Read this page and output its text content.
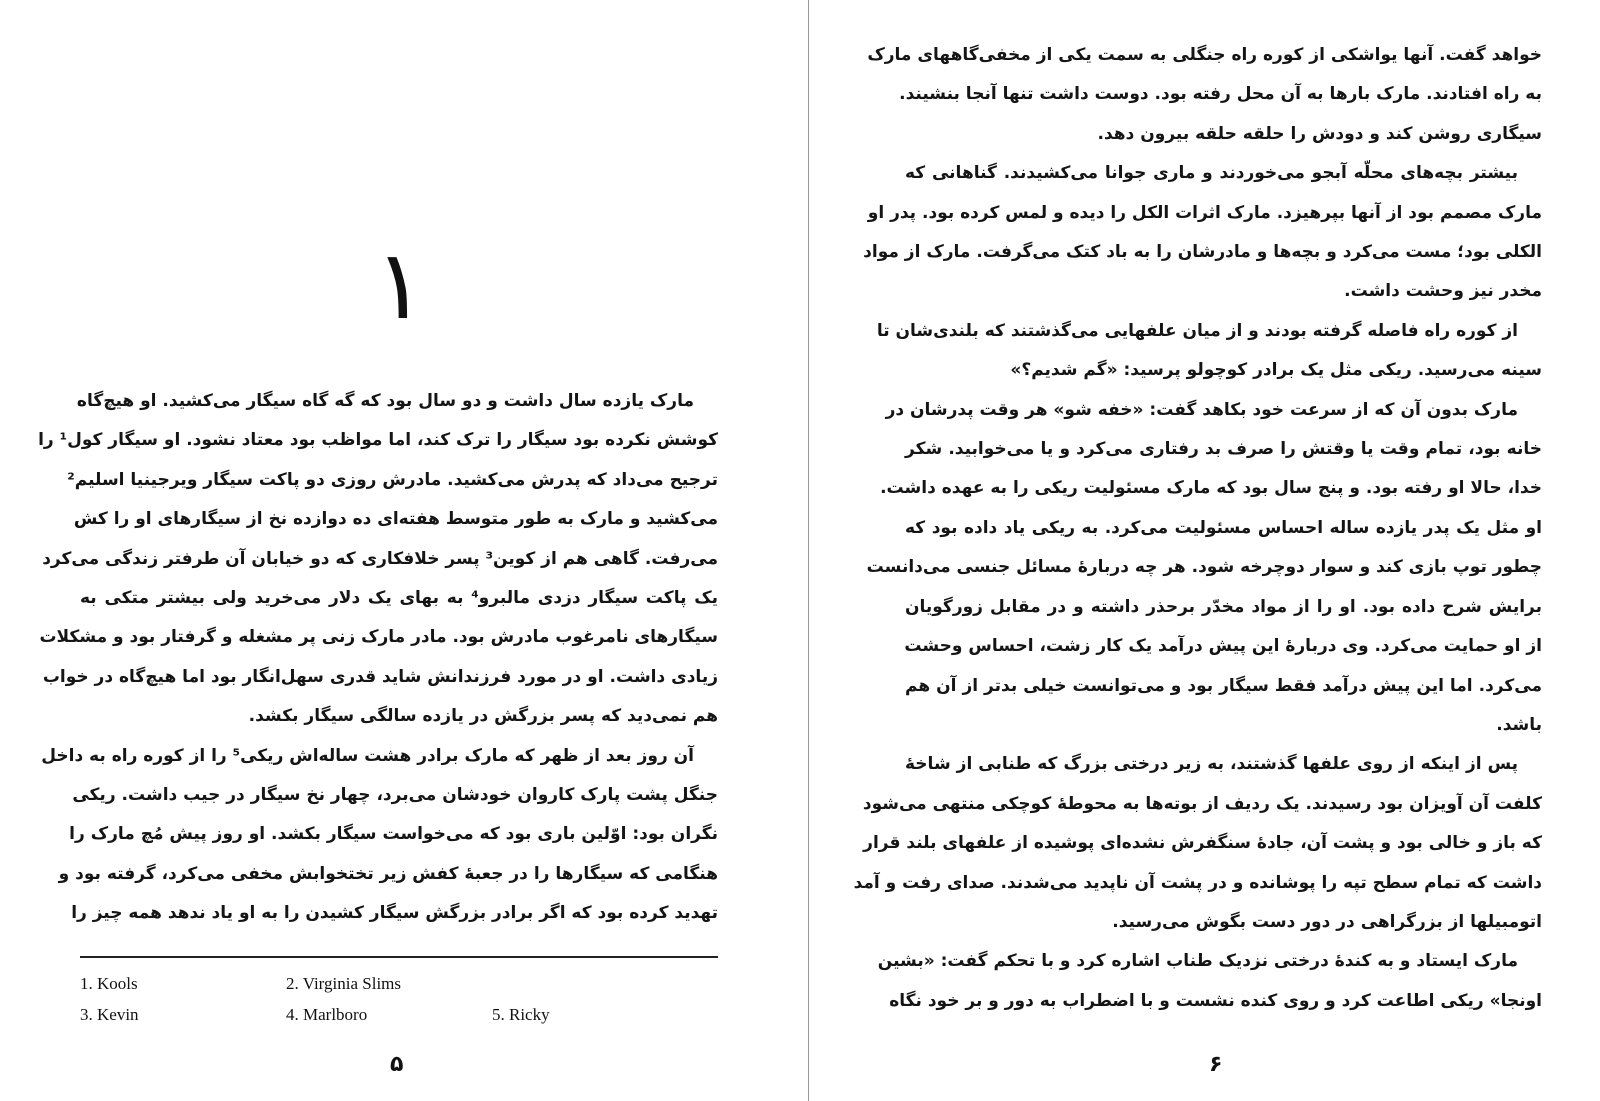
۱
مارک یازده سال داشت و دو سال بود که گه گاه سیگار می‌کشید. او هیچ‌گاه
کوشش نکرده بود سیگار را ترک کند، اما مواظب بود معتاد نشود. او سیگار کول¹ را
ترجیح می‌داد که پدرش می‌کشید. مادرش روزی دو پاکت سیگار ویرجینیا اسلیم²
می‌کشید و مارک به طور متوسط هفته‌ای ده دوازده نخ از سیگارهای او را کش
می‌رفت. گاهی هم از کوین³ پسر خلافکاری که دو خیابان آن طرفتر زندگی می‌کرد
یک پاکت سیگار دزدی مالبرو⁴ به بهای یک دلار می‌خرید ولی بیشتر متکی به
سیگارهای نامرغوب مادرش بود. مادر مارک زنی پر مشغله و گرفتار بود و مشکلات
زیادی داشت. او در مورد فرزندانش شاید قدری سهل‌انگار بود اما هیچ‌گاه در خواب
هم نمی‌دید که پسر بزرگش در یازده سالگی سیگار بکشد.
آن روز بعد از ظهر که مارک برادر هشت ساله‌اش ریکی⁵ را از کوره راه به داخل
جنگل پشت پارک کاروان خودشان می‌برد، چهار نخ سیگار در جیب داشت. ریکی
نگران بود: اوّلین باری بود که می‌خواست سیگار بکشد. او روز پیش مُچ مارک را
هنگامی که سیگارها را در جعبهٔ کفش زیر تختخوابش مخفی می‌کرد، گرفته بود و
تهدید کرده بود که اگر برادر بزرگش سیگار کشیدن را به او یاد ندهد همه چیز را
1. Kools	2. Virginia Slims
3. Kevin	4. Marlboro	5. Ricky
۵
خواهد گفت. آنها یواشکی از کوره راه جنگلی به سمت یکی از مخفی‌گاههای مارک
به راه افتادند. مارک بارها به آن محل رفته بود. دوست داشت تنها آنجا بنشیند.
سیگاری روشن کند و دودش را حلقه حلقه بیرون دهد.
بیشتر بچه‌های محلّه آبجو می‌خوردند و ماری جوانا می‌کشیدند. گناهانی که
مارک مصمم بود از آنها بپرهیزد. مارک اثرات الکل را دیده و لمس کرده بود. پدر او
الکلی بود؛ مست می‌کرد و بچه‌ها و مادرشان را به باد کتک می‌گرفت. مارک از مواد
مخدر نیز وحشت داشت.
از کوره راه فاصله گرفته بودند و از میان علفهایی می‌گذشتند که بلندی‌شان تا
سینه می‌رسید. ریکی مثل یک برادر کوچولو پرسید: «گم شدیم؟»
مارک بدون آن که از سرعت خود بکاهد گفت: «خفه شو» هر وقت پدرشان در
خانه بود، تمام وقت یا وقتش را صرف بد رفتاری می‌کرد و یا می‌خوابید. شکر
خدا، حالا او رفته بود. و پنج سال بود که مارک مسئولیت ریکی را به عهده داشت.
او مثل یک پدر یازده ساله احساس مسئولیت می‌کرد. به ریکی یاد داده بود که
چطور توپ بازی کند و سوار دوچرخه شود. هر چه دربارهٔ مسائل جنسی می‌دانست
برایش شرح داده بود. او را از مواد مخدّر برحذر داشته و در مقابل زورگویان
از او حمایت می‌کرد. وی دربارهٔ این پیش درآمد یک کار زشت، احساس وحشت
می‌کرد. اما این پیش درآمد فقط سیگار بود و می‌توانست خیلی بدتر از آن هم
باشد.
پس از اینکه از روی علفها گذشتند، به زیر درختی بزرگ که طنابی از شاخهٔ
کلفت آن آویزان بود رسیدند. یک ردیف از بوته‌ها به محوطهٔ کوچکی منتهی می‌شود
که باز و خالی بود و پشت آن، جادهٔ سنگفرش نشده‌ای پوشیده از علفهای بلند قرار
داشت که تمام سطح تپه را پوشانده و در پشت آن ناپدید می‌شدند. صدای رفت و آمد
اتومبیلها از بزرگراهی در دور دست بگوش می‌رسید.
مارک ایستاد و به کندهٔ درختی نزدیک طناب اشاره کرد و با تحکم گفت: «بشین
اونجا» ریکی اطاعت کرد و روی کنده نشست و با اضطراب به دور و بر خود نگاه
۶
